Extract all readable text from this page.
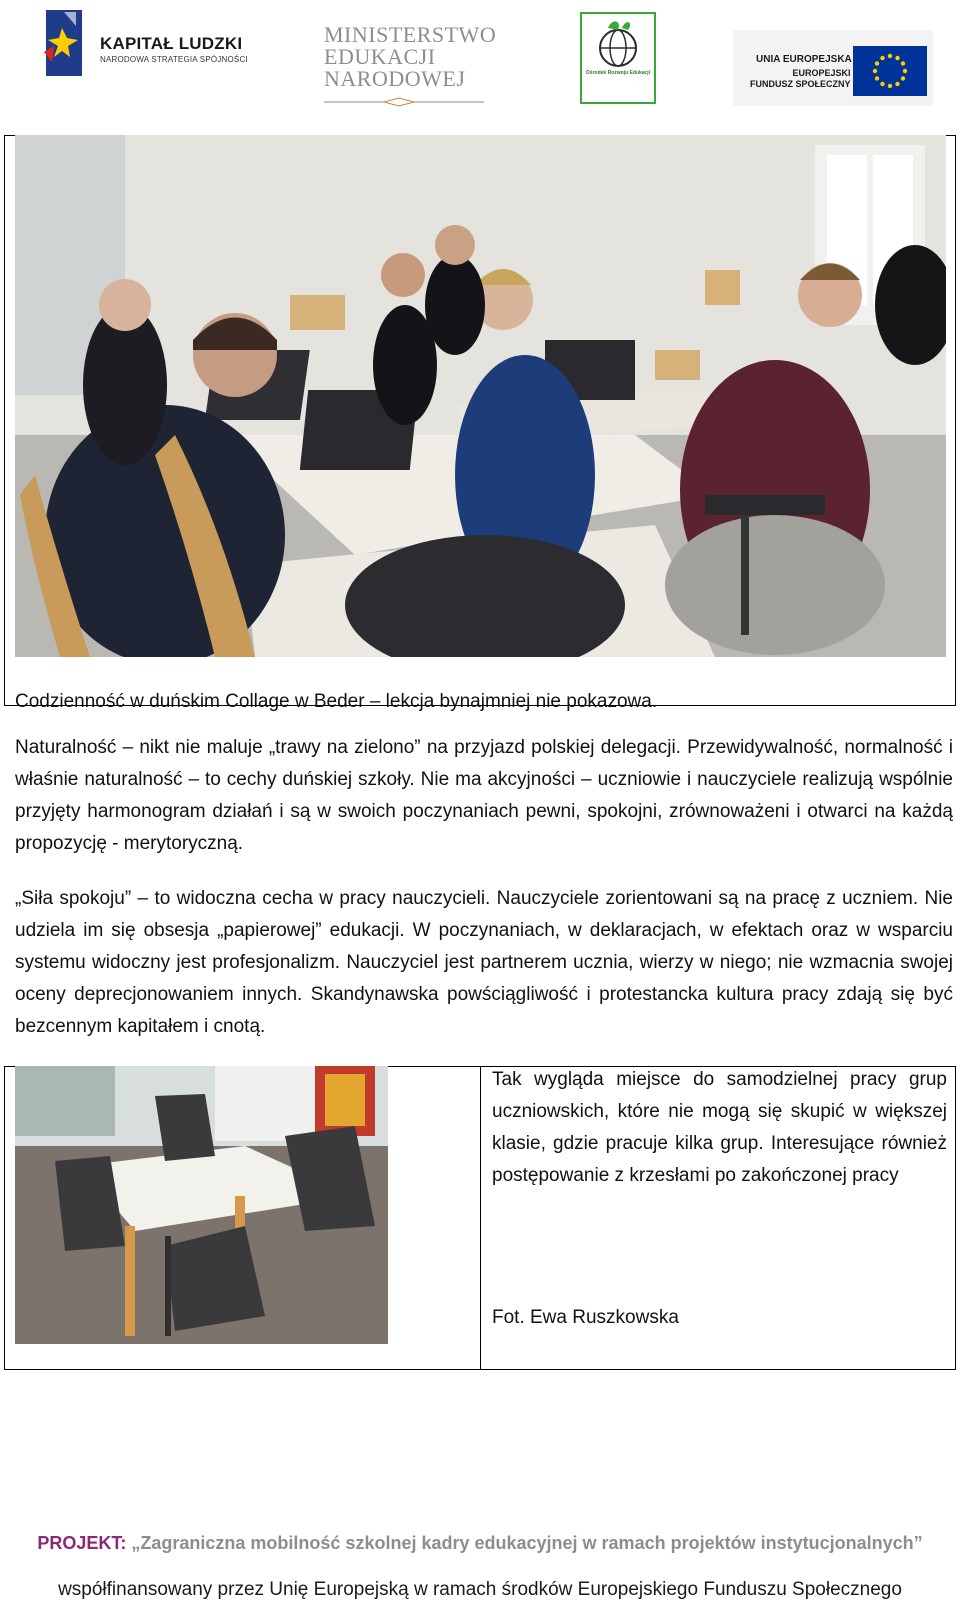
KAPITAŁ LUDZKI
NARODOWA STRATEGIA SPÓJNOŚCI
MINISTERSTWO
EDUKACJI
NARODOWEJ	Ośrodek Rozwoju Edukacji
UNIA EUROPEJSKA
EUROPEJSKI
FUNDUSZ SPOŁECZNY
Codzienność w duńskim Collage w Beder – lekcja bynajmniej nie pokazowa.
Naturalność – nikt nie maluje „trawy na zielono” na przyjazd polskiej delegacji. Przewidywalność, normalność i właśnie naturalność – to cechy duńskiej szkoły. Nie ma akcyjności – uczniowie i nauczyciele realizują wspólnie przyjęty harmonogram działań i są w swoich poczynaniach pewni, spokojni, zrównoważeni i otwarci na każdą propozycję - merytoryczną.
„Siła spokoju” – to widoczna cecha w pracy nauczycieli. Nauczyciele zorientowani są na pracę z uczniem. Nie udziela im się obsesja „papierowej” edukacji. W poczynaniach, w deklaracjach, w efektach oraz w wsparciu systemu widoczny jest profesjonalizm. Nauczyciel jest partnerem ucznia, wierzy w niego; nie wzmacnia swojej oceny deprecjonowaniem innych. Skandynawska powściągliwość i protestancka kultura pracy zdają się być bezcennym kapitałem i cnotą.
Tak wygląda miejsce do samodzielnej pracy grup uczniowskich, które nie mogą się skupić w większej klasie, gdzie pracuje kilka grup. Interesujące również postępowanie z krzesłami po zakończonej pracy
Fot. Ewa Ruszkowska
PROJEKT: „Zagraniczna mobilność szkolnej kadry edukacyjnej w ramach projektów instytucjonalnych”
współfinansowany przez Unię Europejską w ramach środków Europejskiego Funduszu Społecznego
